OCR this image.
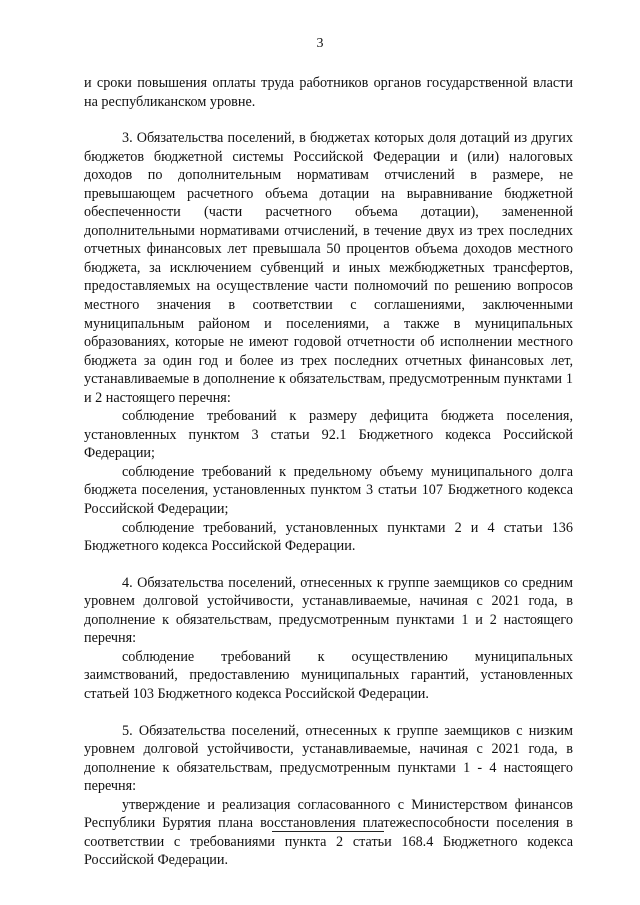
3

и сроки повышения оплаты труда работников органов государственной власти на республиканском уровне.

3. Обязательства поселений, в бюджетах которых доля дотаций из других бюджетов бюджетной системы Российской Федерации и (или) налоговых доходов по дополнительным нормативам отчислений в размере, не превышающем расчетного объема дотации на выравнивание бюджетной обеспеченности (части расчетного объема дотации), замененной дополнительными нормативами отчислений, в течение двух из трех последних отчетных финансовых лет превышала 50 процентов объема доходов местного бюджета, за исключением субвенций и иных межбюджетных трансфертов, предоставляемых на осуществление части полномочий по решению вопросов местного значения в соответствии с соглашениями, заключенными муниципальным районом и поселениями, а также в муниципальных образованиях, которые не имеют годовой отчетности об исполнении местного бюджета за один год и более из трех последних отчетных финансовых лет, устанавливаемые в дополнение к обязательствам, предусмотренным пунктами 1 и 2 настоящего перечня:

соблюдение требований к размеру дефицита бюджета поселения, установленных пунктом 3 статьи 92.1 Бюджетного кодекса Российской Федерации;

соблюдение требований к предельному объему муниципального долга бюджета поселения, установленных пунктом 3 статьи 107 Бюджетного кодекса Российской Федерации;

соблюдение требований, установленных пунктами 2 и 4 статьи 136 Бюджетного кодекса Российской Федерации.

4. Обязательства поселений, отнесенных к группе заемщиков со средним уровнем долговой устойчивости, устанавливаемые, начиная с 2021 года, в дополнение к обязательствам, предусмотренным пунктами 1 и 2 настоящего перечня:

соблюдение требований к осуществлению муниципальных заимствований, предоставлению муниципальных гарантий, установленных статьей 103 Бюджетного кодекса Российской Федерации.

5. Обязательства поселений, отнесенных к группе заемщиков с низким уровнем долговой устойчивости, устанавливаемые, начиная с 2021 года, в дополнение к обязательствам, предусмотренным пунктами 1 - 4 настоящего перечня:

утверждение и реализация согласованного с Министерством финансов Республики Бурятия плана восстановления платежеспособности поселения в соответствии с требованиями пункта 2 статьи 168.4 Бюджетного кодекса Российской Федерации.
